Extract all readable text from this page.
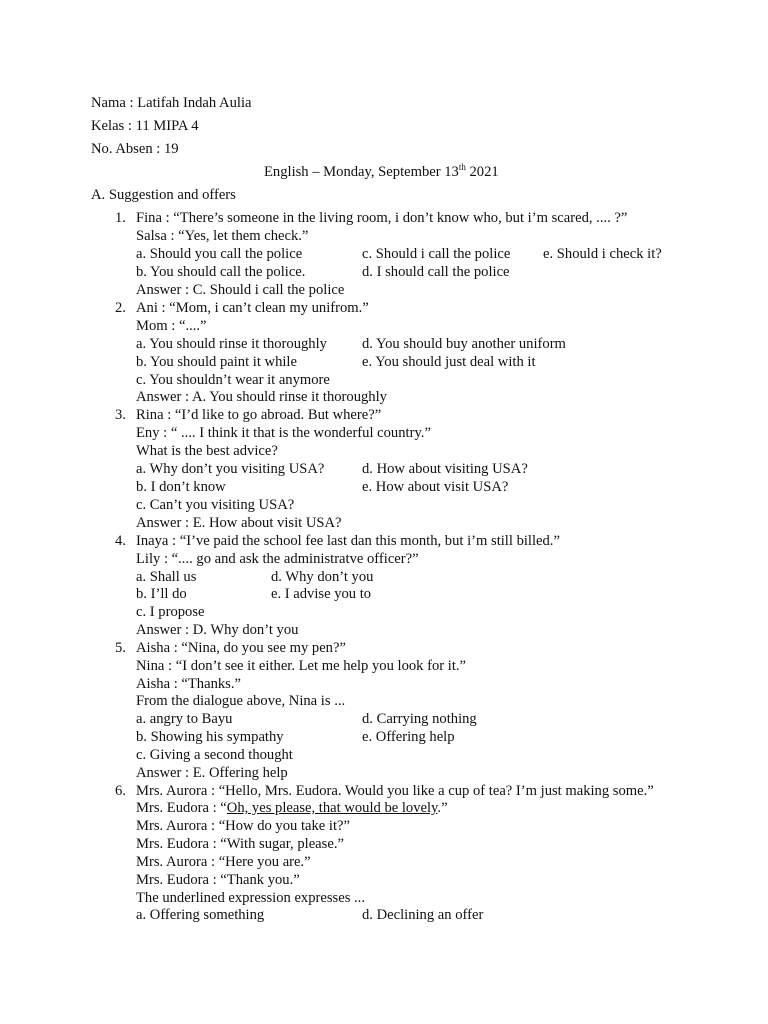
Nama : Latifah Indah Aulia
Kelas : 11 MIPA 4
No. Absen : 19
English – Monday, September 13th 2021
A. Suggestion and offers
1. Fina : “There’s someone in the living room, i don’t know who, but i’m scared, .... ?”
Salsa : “Yes, let them check.”
a. Should you call the police	c. Should i call the police e. Should i check it?
b. You should call the police.	d. I should call the police
Answer : C. Should i call the police
2. Ani : “Mom, i can’t clean my unifrom.”
Mom : “....”
a. You should rinse it thoroughly d. You should buy another uniform
b. You should paint it while	e. You should just deal with it
c. You shouldn’t wear it anymore
Answer : A. You should rinse it thoroughly
3. Rina : “I’d like to go abroad. But where?”
Eny : “ .... I think it that is the wonderful country.”
What is the best advice?
a. Why don’t you visiting USA?	d. How about visiting USA?
b. I don’t know	e. How about visit USA?
c. Can’t you visiting USA?
Answer : E. How about visit USA?
4. Inaya : “I’ve paid the school fee last dan this month, but i’m still billed.”
Lily : “.... go and ask the administratve officer?”
a. Shall us	d. Why don’t you
b. I’ll do	e. I advise you to
c. I propose
Answer : D. Why don’t you
5. Aisha : “Nina, do you see my pen?”
Nina : “I don’t see it either. Let me help you look for it.”
Aisha : “Thanks.”
From the dialogue above, Nina is ...
a. angry to Bayu	d. Carrying nothing
b. Showing his sympathy	e. Offering help
c. Giving a second thought
Answer : E. Offering help
6. Mrs. Aurora : “Hello, Mrs. Eudora. Would you like a cup of tea? I’m just making some.”
Mrs. Eudora : “Oh, yes please, that would be lovely.”
Mrs. Aurora : “How do you take it?”
Mrs. Eudora : “With sugar, please.”
Mrs. Aurora : “Here you are.”
Mrs. Eudora : “Thank you.”
The underlined expression expresses ...
a. Offering something	d. Declining an offer
